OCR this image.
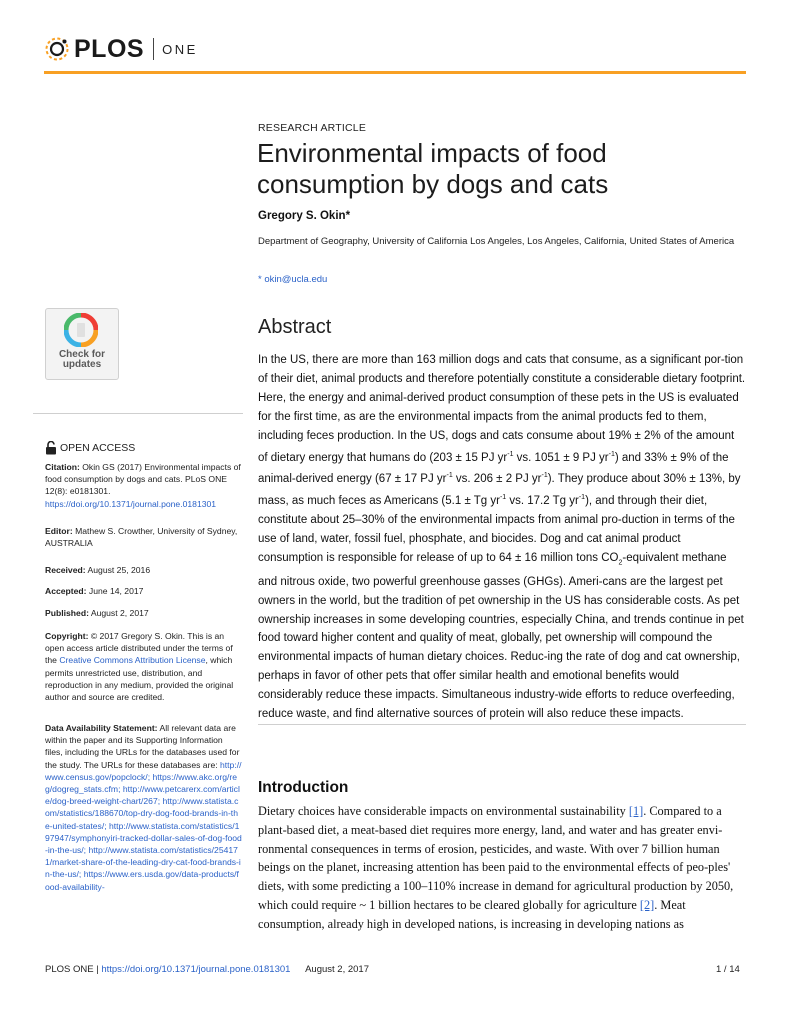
PLOS ONE
Check for
updates
OPEN ACCESS
Citation: Okin GS (2017) Environmental impacts of food consumption by dogs and cats. PLoS ONE 12(8): e0181301. https://doi.org/10.1371/journal.pone.0181301
Editor: Mathew S. Crowther, University of Sydney, AUSTRALIA
Received: August 25, 2016
Accepted: June 14, 2017
Published: August 2, 2017
Copyright: © 2017 Gregory S. Okin. This is an open access article distributed under the terms of the Creative Commons Attribution License, which permits unrestricted use, distribution, and reproduction in any medium, provided the original author and source are credited.
Data Availability Statement: All relevant data are within the paper and its Supporting Information files, including the URLs for the databases used for the study. The URLs for these databases are: http://www.census.gov/popclock/; https://www.akc.org/reg/dogreg_stats.cfm; http://www.petcarerx.com/article/dog-breed-weight-chart/267; http://www.statista.com/statistics/188670/top-dry-dog-food-brands-in-the-united-states/; http://www.statista.com/statistics/197947/symphonyiri-tracked-dollar-sales-of-dog-food-in-the-us/; http://www.statista.com/statistics/254171/market-share-of-the-leading-dry-cat-food-brands-in-the-us/; https://www.ers.usda.gov/data-products/food-availability-
RESEARCH ARTICLE
Environmental impacts of food consumption by dogs and cats
Gregory S. Okin*
Department of Geography, University of California Los Angeles, Los Angeles, California, United States of America
* okin@ucla.edu
Abstract
In the US, there are more than 163 million dogs and cats that consume, as a significant por-tion of their diet, animal products and therefore potentially constitute a considerable dietary footprint. Here, the energy and animal-derived product consumption of these pets in the US is evaluated for the first time, as are the environmental impacts from the animal products fed to them, including feces production. In the US, dogs and cats consume about 19% ± 2% of the amount of dietary energy that humans do (203 ± 15 PJ $yr^{-1}$ vs. 1051 ± 9 PJ $yr^{-1}$) and 33% ± 9% of the animal-derived energy (67 ± 17 PJ $yr^{-1}$ vs. 206 ± 2 PJ $yr^{-1}$). They produce about 30% ± 13%, by mass, as much feces as Americans (5.1 ± Tg $yr^{-1}$ vs. 17.2 Tg $yr^{-1}$), and through their diet, constitute about 25–30% of the environmental impacts from animal pro-duction in terms of the use of land, water, fossil fuel, phosphate, and biocides. Dog and cat animal product consumption is responsible for release of up to 64 ± 16 million tons $CO_2$-equivalent methane and nitrous oxide, two powerful greenhouse gasses (GHGs). Ameri-cans are the largest pet owners in the world, but the tradition of pet ownership in the US has considerable costs. As pet ownership increases in some developing countries, especially China, and trends continue in pet food toward higher content and quality of meat, globally, pet ownership will compound the environmental impacts of human dietary choices. Reduc-ing the rate of dog and cat ownership, perhaps in favor of other pets that offer similar health and emotional benefits would considerably reduce these impacts. Simultaneous industry-wide efforts to reduce overfeeding, reduce waste, and find alternative sources of protein will also reduce these impacts.
Introduction
Dietary choices have considerable impacts on environmental sustainability [1]. Compared to a plant-based diet, a meat-based diet requires more energy, land, and water and has greater envi-ronmental consequences in terms of erosion, pesticides, and waste. With over 7 billion human beings on the planet, increasing attention has been paid to the environmental effects of peo-ples' diets, with some predicting a 100–110% increase in demand for agricultural production by 2050, which could require ~ 1 billion hectares to be cleared globally for agriculture [2]. Meat consumption, already high in developed nations, is increasing in developing nations as
PLOS ONE | https://doi.org/10.1371/journal.pone.0181301 August 2, 2017	1 / 14
